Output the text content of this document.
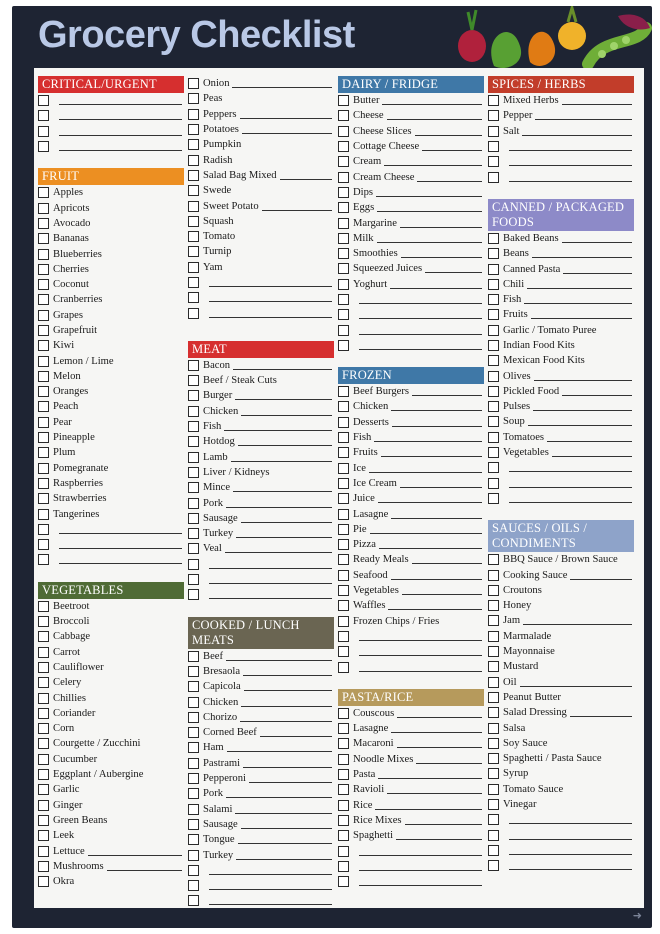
Grocery Checklist
CRITICAL/URGENT
FRUIT
Apples
Apricots
Avocado
Bananas
Blueberries
Cherries
Coconut
Cranberries
Grapes
Grapefruit
Kiwi
Lemon / Lime
Melon
Oranges
Peach
Pear
Pineapple
Plum
Pomegranate
Raspberries
Strawberries
Tangerines
VEGETABLES
Beetroot
Broccoli
Cabbage
Carrot
Cauliflower
Celery
Chillies
Coriander
Corn
Courgette / Zucchini
Cucumber
Eggplant / Aubergine
Garlic
Ginger
Green Beans
Leek
Lettuce
Mushrooms
Okra
Onion
Peas
Peppers
Potatoes
Pumpkin
Radish
Salad Bag Mixed
Swede
Sweet Potato
Squash
Tomato
Turnip
Yam
MEAT
Bacon
Beef / Steak Cuts
Burger
Chicken
Fish
Hotdog
Lamb
Liver / Kidneys
Mince
Pork
Sausage
Turkey
Veal
COOKED / LUNCH MEATS
Beef
Bresaola
Capicola
Chicken
Chorizo
Corned Beef
Ham
Pastrami
Pepperoni
Pork
Salami
Sausage
Tongue
Turkey
DAIRY / FRIDGE
Butter
Cheese
Cheese Slices
Cottage Cheese
Cream
Cream Cheese
Dips
Eggs
Margarine
Milk
Smoothies
Squeezed Juices
Yoghurt
FROZEN
Beef Burgers
Chicken
Desserts
Fish
Fruits
Ice
Ice Cream
Juice
Lasagne
Pie
Pizza
Ready Meals
Seafood
Vegetables
Waffles
Frozen Chips / Fries
PASTA/RICE
Couscous
Lasagne
Macaroni
Noodle Mixes
Pasta
Ravioli
Rice
Rice Mixes
Spaghetti
SPICES / HERBS
Mixed Herbs
Pepper
Salt
CANNED / PACKAGED FOODS
Baked Beans
Beans
Canned Pasta
Chili
Fish
Fruits
Garlic / Tomato Puree
Indian Food Kits
Mexican Food Kits
Olives
Pickled Food
Pulses
Soup
Tomatoes
Vegetables
SAUCES / OILS / CONDIMENTS
BBQ Sauce / Brown Sauce
Cooking Sauce
Croutons
Honey
Jam
Marmalade
Mayonnaise
Mustard
Oil
Peanut Butter
Salad Dressing
Salsa
Soy Sauce
Spaghetti / Pasta Sauce
Syrup
Tomato Sauce
Vinegar
➜
